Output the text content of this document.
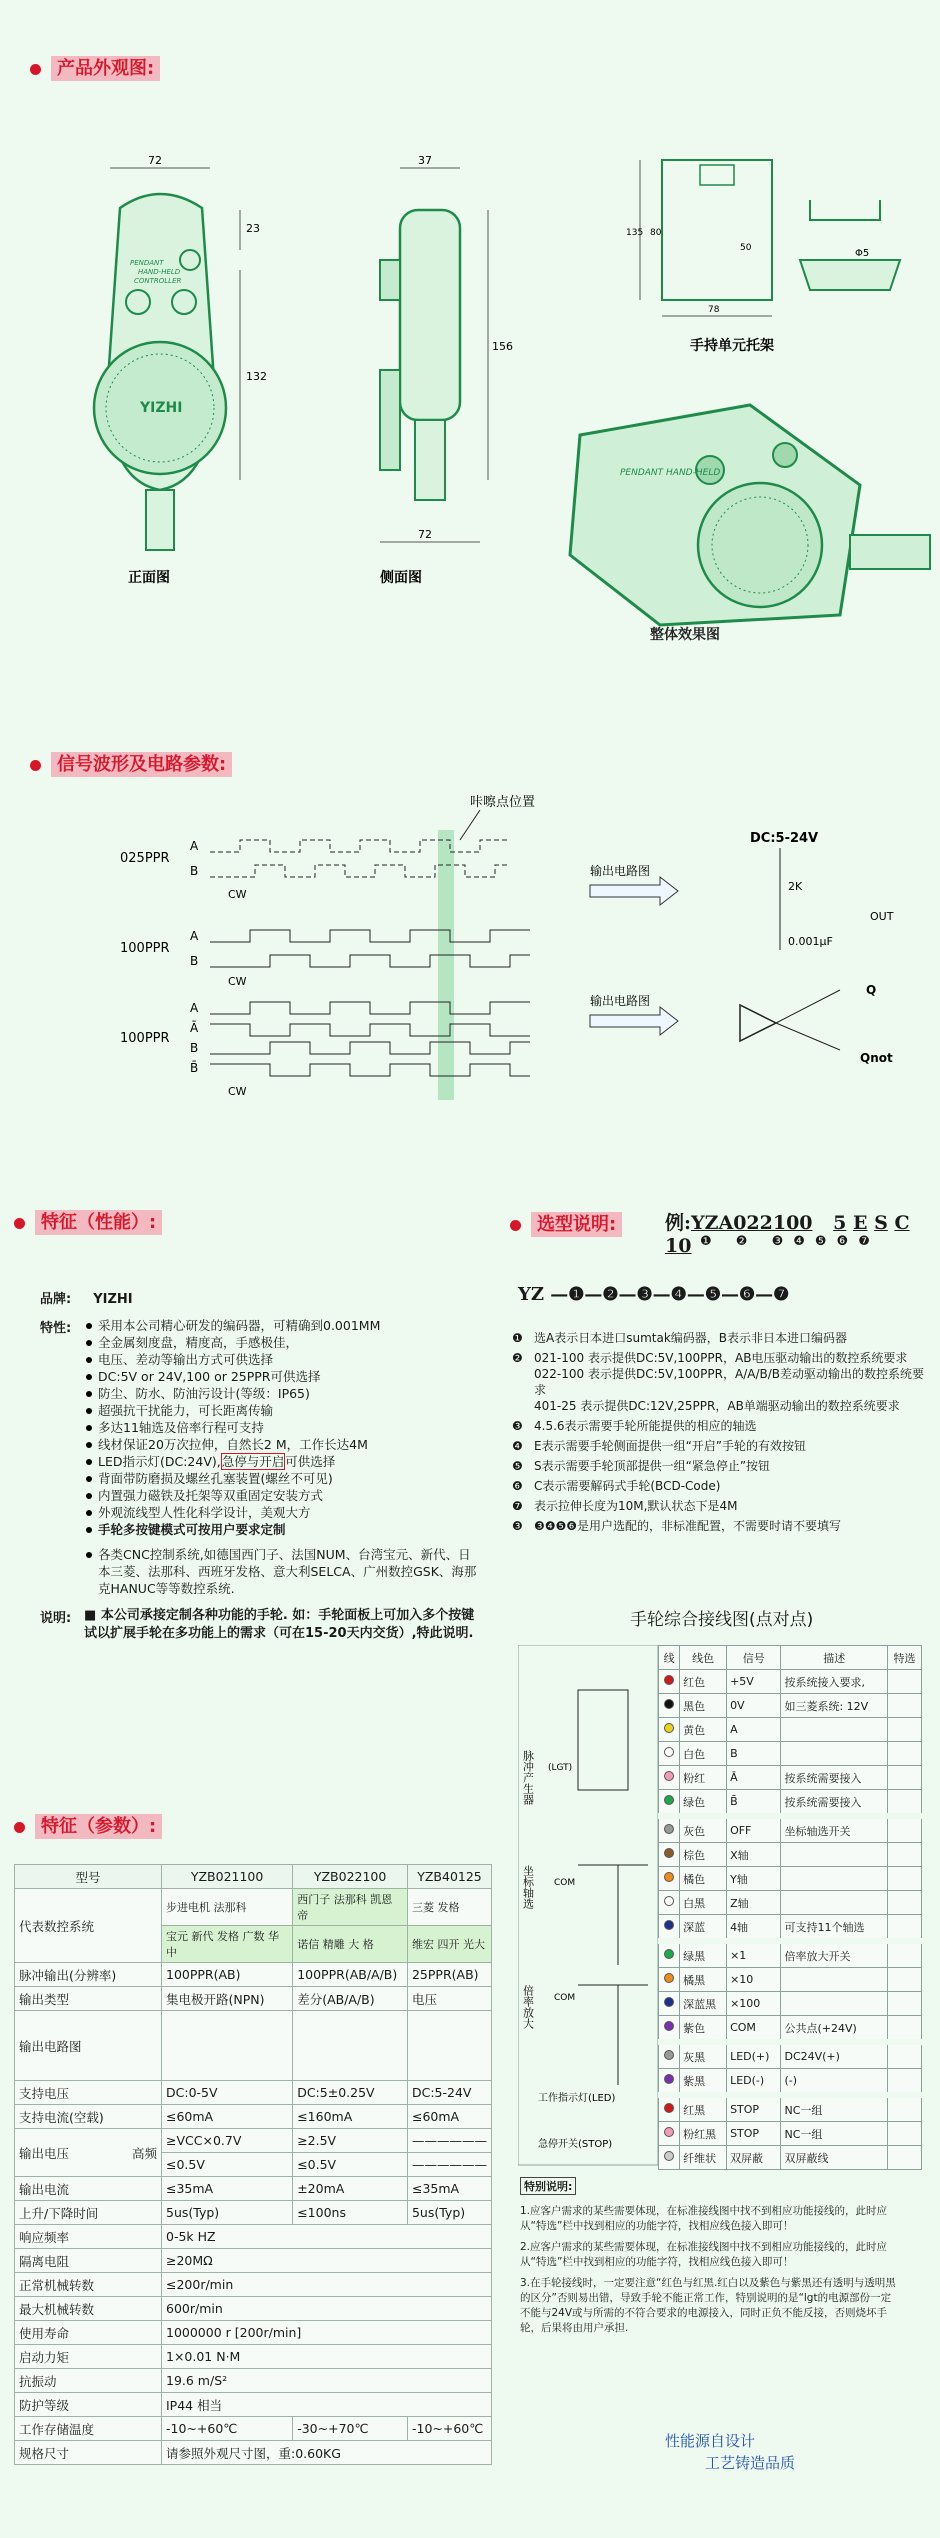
产品外观图:
72
PENDANT
HAND-HELD
CONTROLLER
YIZHI
23
132
正面图
37
156
72
侧面图
135 80
50
78
Φ5
手持单元托架
PENDANT HAND-HELD
整体效果图
信号波形及电路参数:
咔嚓点位置
025PPR
A
B
CW
100PPR
A
B
CW
100PPR
A
Ā
B
B̄
CW
输出电路图
DC:5-24V
2K
OUT
0.001μF
输出电路图
Q
Qnot
特征（性能）:
品牌: YIZHI
特性:	采用本公司精心研发的编码器，可精确到0.001MM
全金属刻度盘，精度高，手感极佳，
电压、差动等输出方式可供选择
DC:5V or 24V,100 or 25PPR可供选择
防尘、防水、防油污设计(等级：IP65)
超强抗干扰能力，可长距离传输
多达11轴选及倍率行程可支持
线材保证20万次拉伸，自然长2 M，工作长达4M
LED指示灯(DC:24V),急停与开启可供选择
背面带防磨损及螺丝孔塞装置(螺丝不可见)
内置强力磁铁及托架等双重固定安装方式
外观流线型人性化科学设计，美观大方
手轮多按键模式可按用户要求定制
各类CNC控制系统,如德国西门子、法国NUM、台湾宝元、新代、日本三菱、法那科、西班牙发格、意大利SELCA、广州数控GSK、海那克HANUC等等数控系统.
说明: ■ 本公司承接定制各种功能的手轮. 如：手轮面板上可加入多个按键试以扩展手轮在多功能上的需求（可在15-20天内交货）,特此说明.
选型说明:	例:YZA022100 5 E S C 10 ❶ ❷ ❸❹❺❻❼
YZ —❶—❷—❸—❹—❺—❻—❼
❶ 选A表示日本进口sumtak编码器，B表示非日本进口编码器
❷ 021-100 表示提供DC:5V,100PPR，AB电压驱动输出的数控系统要求
022-100 表示提供DC:5V,100PPR，A/A/B/B差动驱动输出的数控系统要求
401-25 表示提供DC:12V,25PPR，AB单端驱动输出的数控系统要求
❸ 4.5.6表示需要手轮所能提供的相应的轴选
❹ E表示需要手轮侧面提供一组“开启”手轮的有效按钮
❺ S表示需要手轮顶部提供一组“紧急停止”按钮
❻ C表示需要解码式手轮(BCD-Code)
❼ 表示拉伸长度为10M,默认状态下是4M
❸ ❸❹❺❻是用户选配的，非标准配置，不需要时请不要填写
手轮综合接线图(点对点)
脉冲产生器 (LGT)
坐标轴选 COM
倍率放大 COM
工作指示灯(LED)
急停开关(STOP)
线	线色	信号	描述	特选
	红色	+5V	按系统接入要求,	
	黑色	0V	如三菱系统: 12V	
	黄色	A		
	白色	B		
	粉红	Ā	按系统需要接入	
	绿色	B̄	按系统需要接入	
	灰色	OFF	坐标轴选开关	
	棕色	X轴		
	橘色	Y轴		
	白黑	Z轴		
	深蓝	4轴	可支持11个轴选	
	绿黑	×1	倍率放大开关	
	橘黑	×10		
	深蓝黑	×100		
	紫色	COM	公共点(+24V)	
	灰黑	LED(+)	DC24V(+)	
	紫黑	LED(-)	(-)	
	红黑	STOP	NC一组	
	粉红黑	STOP	NC一组	
	纤维状	双屏蔽	双屏蔽线	
特别说明:
1.应客户需求的某些需要体现，在标准接线图中找不到相应功能接线的，此时应从“特选”栏中找到相应的功能字符，找相应线色接入即可！
2.应客户需求的某些需要体现，在标准接线图中找不到相应功能接线的，此时应从“特选”栏中找到相应的功能字符，找相应线色接入即可！
3.在手轮接线时，一定要注意“红色与红黑.红白以及紫色与紫黑还有透明与透明黑的区分”否则易出错，导致手轮不能正常工作，特别说明的是“lgt的电源部份一定不能与24V或与所需的不符合要求的电源接入，同时正负不能反接，否则烧坏手轮，后果将由用户承担.
性能源自设计
工艺铸造品质
特征（参数）:
型号	YZB021100	YZB022100	YZB40125
代表数控系统	步进电机 法那科	西门子 法那科 凯恩帝	三菱 发格
	宝元 新代 发格 广数 华中	诺信 精雕 大 格	维宏 四开 光大
脉冲输出(分辨率)	100PPR(AB)	100PPR(AB/A/B)	25PPR(AB)
输出类型	集电极开路(NPN)	差分(AB/A/B)	电压
输出电路图			
支持电压	DC:0-5V	DC:5±0.25V	DC:5-24V
支持电流(空载)	≤60mA	≤160mA	≤60mA
输出电压 高频	≥VCC×0.7V	≥2.5V	——————
	≤0.5V	≤0.5V	——————
输出电流	≤35mA	±20mA	≤35mA
上升/下降时间	5us(Typ)	≤100ns	5us(Typ)
响应频率	0-5k HZ		
隔离电阻	≥20MΩ		
正常机械转数	≤200r/min		
最大机械转数	600r/min		
使用寿命	1000000 r [200r/min]		
启动力矩	1×0.01 N·M		
抗振动	19.6 m/S²		
防护等级	IP44 相当		
工作存储温度	-10~+60℃	-30~+70℃	-10~+60℃
规格尺寸	请参照外观尺寸图，重:0.60KG		
